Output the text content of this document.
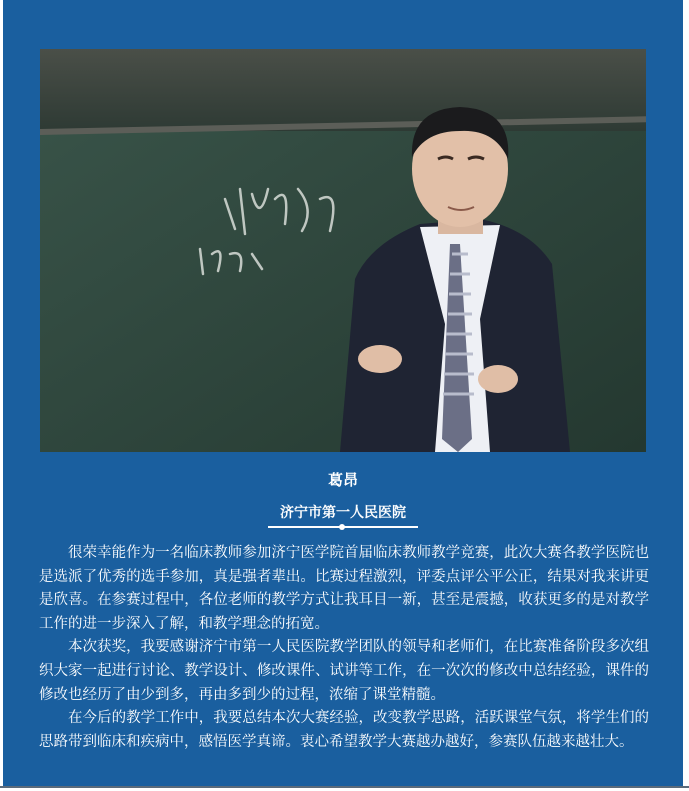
葛昂
济宁市第一人民医院

很荣幸能作为一名临床教师参加济宁医学院首届临床教师教学竞赛，此次大赛各教学医院也是选派了优秀的选手参加，真是强者辈出。比赛过程激烈，评委点评公平公正，结果对我来讲更是欣喜。在参赛过程中，各位老师的教学方式让我耳目一新，甚至是震撼，收获更多的是对教学工作的进一步深入了解，和教学理念的拓宽。

本次获奖，我要感谢济宁市第一人民医院教学团队的领导和老师们，在比赛准备阶段多次组织大家一起进行讨论、教学设计、修改课件、试讲等工作，在一次次的修改中总结经验，课件的修改也经历了由少到多，再由多到少的过程，浓缩了课堂精髓。

在今后的教学工作中，我要总结本次大赛经验，改变教学思路，活跃课堂气氛，将学生们的思路带到临床和疾病中，感悟医学真谛。衷心希望教学大赛越办越好，参赛队伍越来越壮大。
